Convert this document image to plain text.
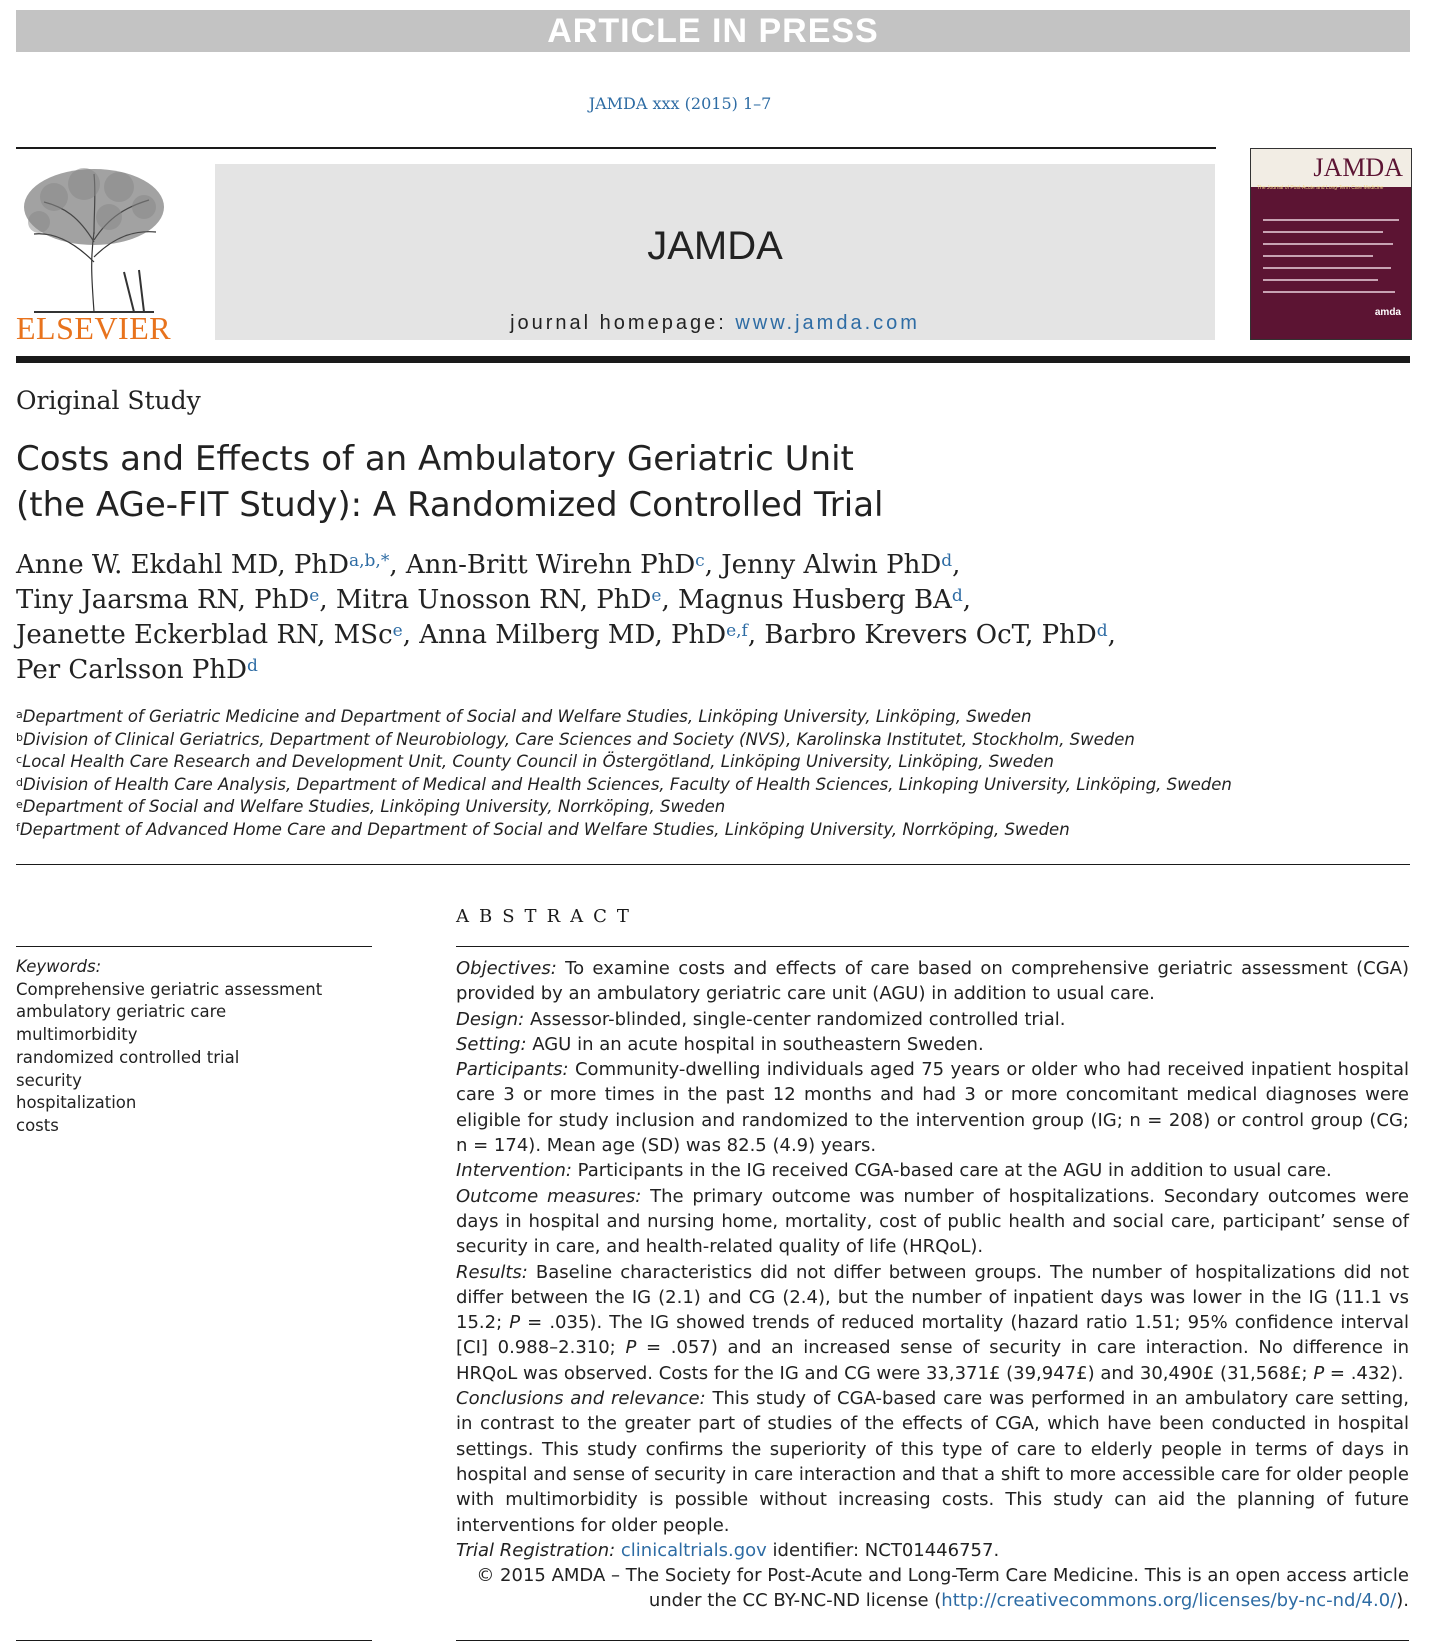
ARTICLE IN PRESS
JAMDA xxx (2015) 1–7
ELSEVIER
JAMDA
journal homepage: www.jamda.com
JAMDA
The Journal of Post-Acute and Long-Term Care Medicine
amda
Original Study
Costs and Effects of an Ambulatory Geriatric Unit
(the AGe-FIT Study): A Randomized Controlled Trial
Anne W. Ekdahl MD, PhD$^{a,b,*}$, Ann-Britt Wirehn PhD$^c$, Jenny Alwin PhD$^d$,
Tiny Jaarsma RN, PhD$^e$, Mitra Unosson RN, PhD$^e$, Magnus Husberg $BA^d$,
Jeanette Eckerblad RN, MSc$^e$, Anna Milberg MD, PhD$^{e,f}$, Barbro Krevers OcT, PhD$^d$,
Per Carlsson PhD$^d$
$^a$Department of Geriatric Medicine and Department of Social and Welfare Studies, Linköping University, Linköping, Sweden
$^b$Division of Clinical Geriatrics, Department of Neurobiology, Care Sciences and Society (NVS), Karolinska Institutet, Stockholm, Sweden
$^c$Local Health Care Research and Development Unit, County Council in Östergötland, Linköping University, Linköping, Sweden
$^d$Division of Health Care Analysis, Department of Medical and Health Sciences, Faculty of Health Sciences, Linkoping University, Linköping, Sweden
$^e$Department of Social and Welfare Studies, Linköping University, Norrköping, Sweden
$^f$Department of Advanced Home Care and Department of Social and Welfare Studies, Linköping University, Norrköping, Sweden
ABSTRACT
Keywords:
Comprehensive geriatric assessment
ambulatory geriatric care
multimorbidity
randomized controlled trial
security
hospitalization
costs

Objectives: To examine costs and effects of care based on comprehensive geriatric assessment (CGA) provided by an ambulatory geriatric care unit (AGU) in addition to usual care.

Design: Assessor-blinded, single-center randomized controlled trial.

Setting: AGU in an acute hospital in southeastern Sweden.

Participants: Community-dwelling individuals aged 75 years or older who had received inpatient hospital care 3 or more times in the past 12 months and had 3 or more concomitant medical diagnoses were eligible for study inclusion and randomized to the intervention group (IG; n = 208) or control group (CG; n = 174). Mean age (SD) was 82.5 (4.9) years.

Intervention: Participants in the IG received CGA-based care at the AGU in addition to usual care.

Outcome measures: The primary outcome was number of hospitalizations. Secondary outcomes were days in hospital and nursing home, mortality, cost of public health and social care, participant’ sense of security in care, and health-related quality of life (HRQoL).

Results: Baseline characteristics did not differ between groups. The number of hospitalizations did not differ between the IG (2.1) and CG (2.4), but the number of inpatient days was lower in the IG (11.1 vs 15.2; P = .035). The IG showed trends of reduced mortality (hazard ratio 1.51; 95% confidence interval [CI] 0.988–2.310; P = .057) and an increased sense of security in care interaction. No difference in HRQoL was observed. Costs for the IG and CG were 33,371£ (39,947£) and 30,490£ (31,568£; P = .432).

Conclusions and relevance: This study of CGA-based care was performed in an ambulatory care setting, in contrast to the greater part of studies of the effects of CGA, which have been conducted in hospital settings. This study confirms the superiority of this type of care to elderly people in terms of days in hospital and sense of security in care interaction and that a shift to more accessible care for older people with multimorbidity is possible without increasing costs. This study can aid the planning of future interventions for older people.

Trial Registration: clinicaltrials.gov identifier: NCT01446757.

© 2015 AMDA – The Society for Post-Acute and Long-Term Care Medicine. This is an open access article under the CC BY-NC-ND license (http://creativecommons.org/licenses/by-nc-nd/4.0/).
